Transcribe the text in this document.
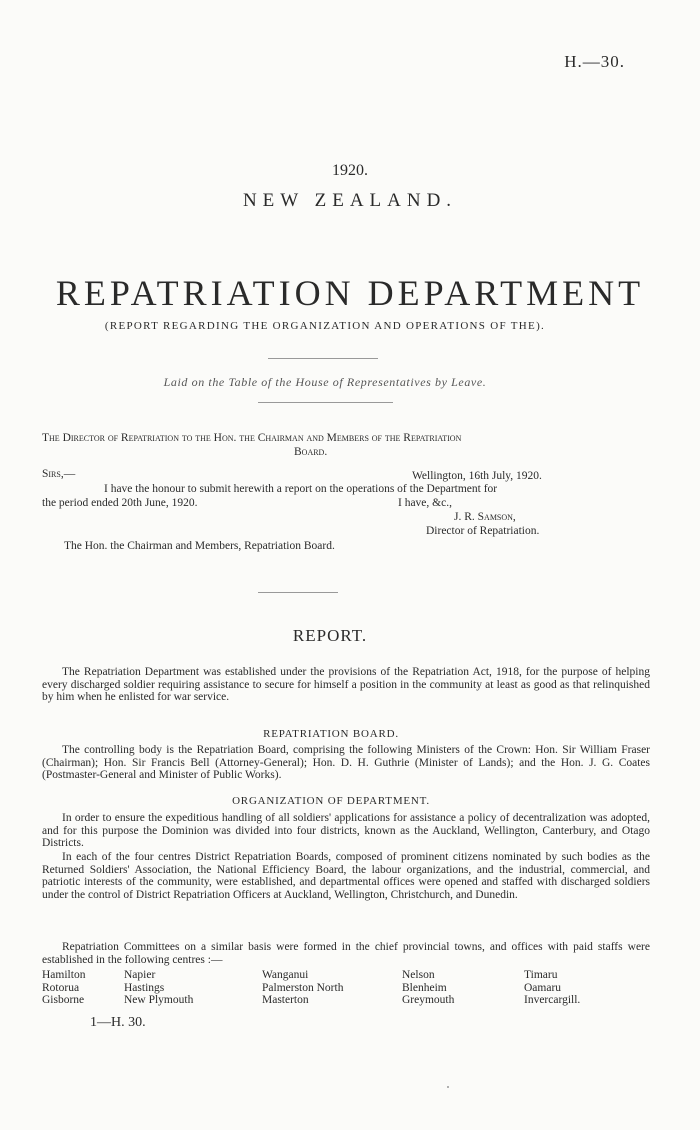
H.—30.
1920.
NEW ZEALAND.
REPATRIATION DEPARTMENT
(REPORT REGARDING THE ORGANIZATION AND OPERATIONS OF THE).
Laid on the Table of the House of Representatives by Leave.
The Director of Repatriation to the Hon. the Chairman and Members of the Repatriation
Board.
Sirs,—	Wellington, 16th July, 1920.
I have the honour to submit herewith a report on the operations of the Department for
the period ended 20th June, 1920.	I have, &c.,
J. R. Samson,
Director of Repatriation.
The Hon. the Chairman and Members, Repatriation Board.
REPORT.
The Repatriation Department was established under the provisions of the Repatriation Act, 1918, for the purpose of helping every discharged soldier requiring assistance to secure for himself a position in the community at least as good as that relinquished by him when he enlisted for war service.
REPATRIATION BOARD.
The controlling body is the Repatriation Board, comprising the following Ministers of the Crown: Hon. Sir William Fraser (Chairman); Hon. Sir Francis Bell (Attorney-General); Hon. D. H. Guthrie (Minister of Lands); and the Hon. J. G. Coates (Postmaster-General and Minister of Public Works).
ORGANIZATION OF DEPARTMENT.
In order to ensure the expeditious handling of all soldiers' applications for assistance a policy of decentralization was adopted, and for this purpose the Dominion was divided into four districts, known as the Auckland, Wellington, Canterbury, and Otago Districts.
In each of the four centres District Repatriation Boards, composed of prominent citizens nominated by such bodies as the Returned Soldiers' Association, the National Efficiency Board, the labour organizations, and the industrial, commercial, and patriotic interests of the community, were established, and departmental offices were opened and staffed with discharged soldiers under the control of District Repatriation Officers at Auckland, Wellington, Christchurch, and Dunedin.
Repatriation Committees on a similar basis were formed in the chief provincial towns, and offices with paid staffs were established in the following centres :—
Hamilton
Rotorua
Gisborne
Napier
Hastings
New Plymouth
Wanganui
Palmerston North
Masterton
Nelson
Blenheim
Greymouth
Timaru
Oamaru
Invercargill.
1—H. 30.
